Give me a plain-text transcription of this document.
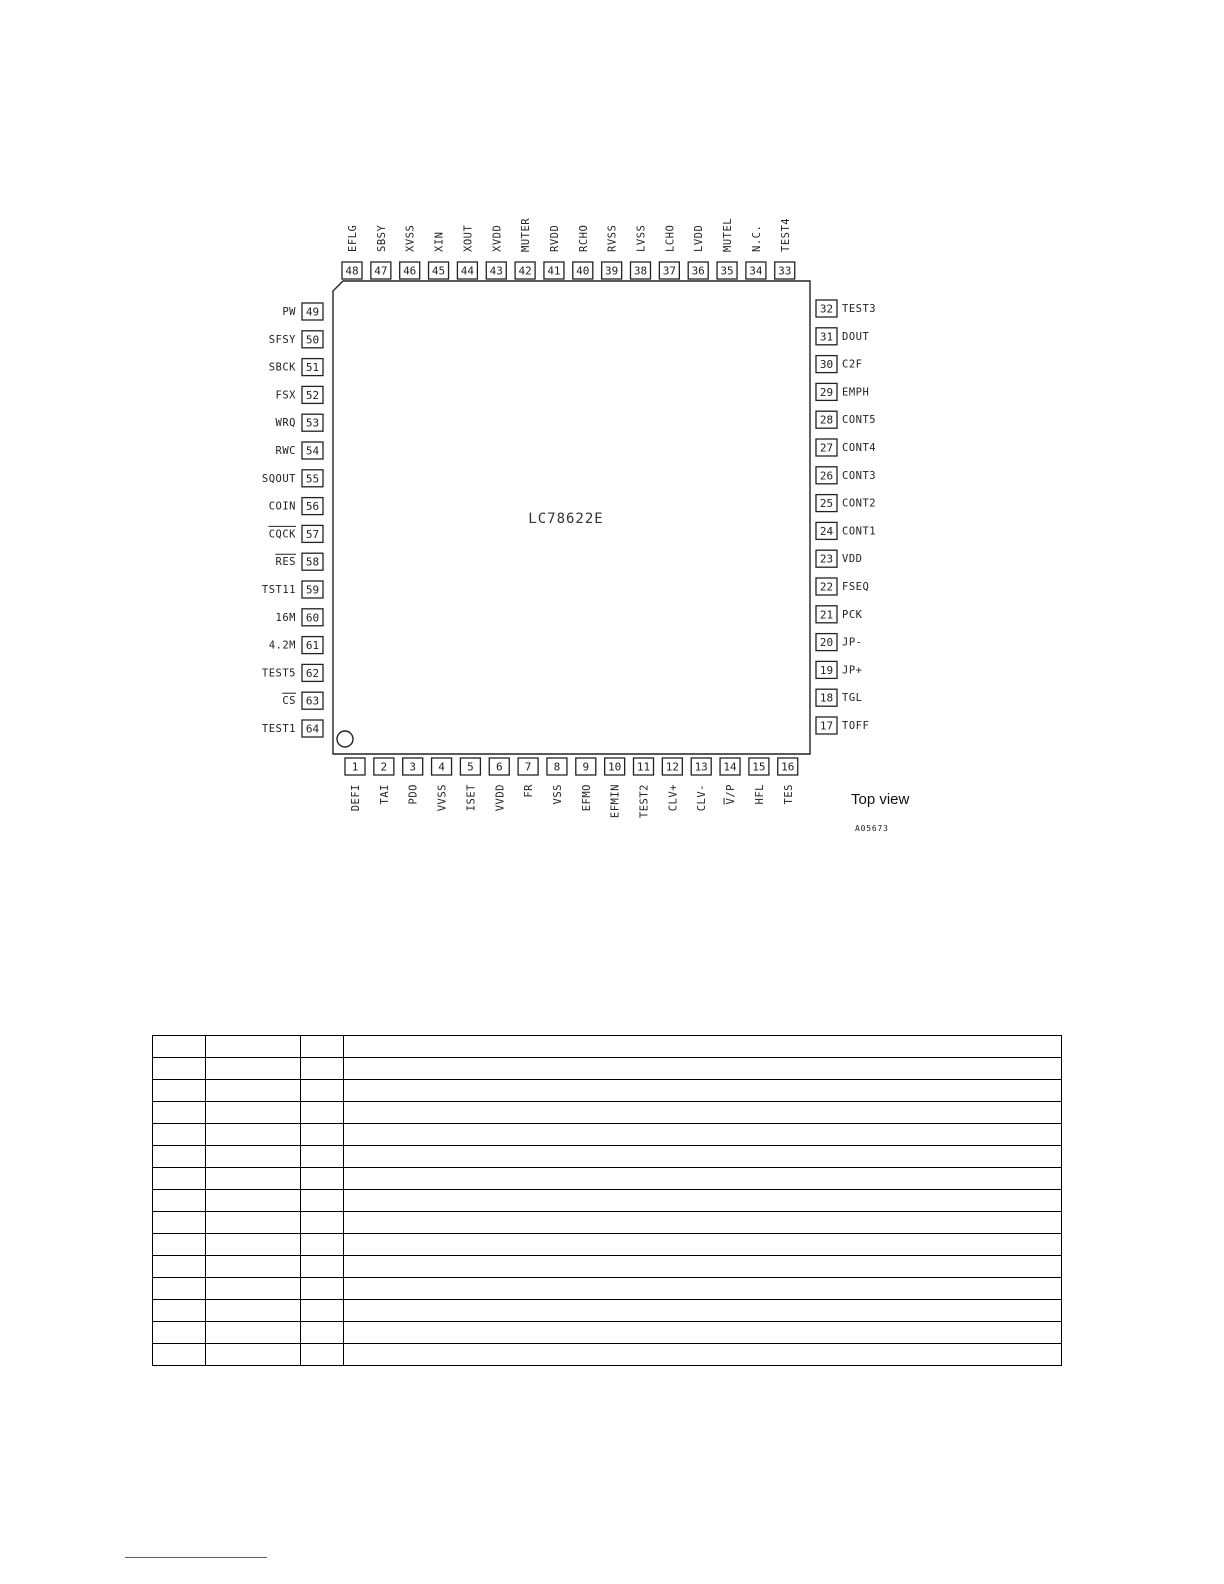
LC78622E
48
EFLG
47
SBSY
46
XVSS
45
XIN
44
XOUT
43
XVDD
42
MUTER
41
RVDD
40
RCHO
39
RVSS
38
LVSS
37
LCHO
36
LVDD
35
MUTEL
34
N.C.
33
TEST4
49
PW
50
SFSY
51
SBCK
52
FSX
53
WRQ
54
RWC
55
SQOUT
56
COIN
57
CQCK
58
RES
59
TST11
60
16M
61
4.2M
62
TEST5
63
CS
64
TEST1
32 TEST3
31 DOUT
30 C2F
29 EMPH
28 CONT5
27 CONT4
26 CONT3
25 CONT2
24 CONT1
23 VDD
22 FSEQ
21 PCK
20 JP-
19 JP+
18 TGL
17 TOFF
1
DEFI
2
TAI
3
PDO
4
VVSS
5
ISET
6
VVDD
7
FR
8
VSS
9
EFMO
10
EFMIN
11
TEST2
12
CLV+
13
CLV-
14
V/P
15
HFL
16
TES	Top view
A05673
